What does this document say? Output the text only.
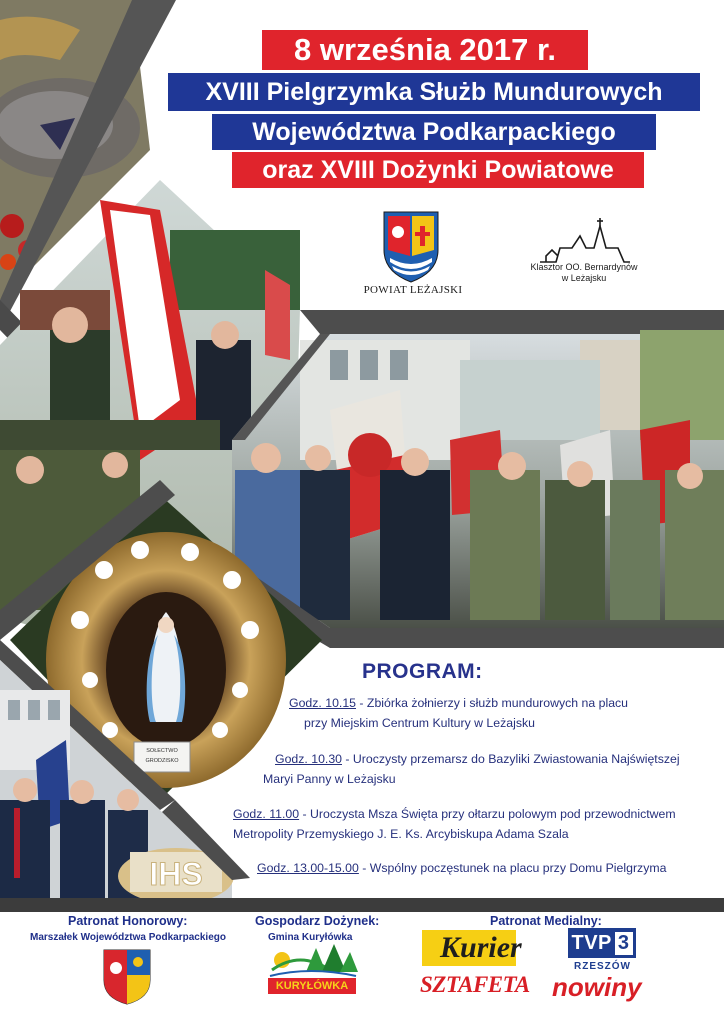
SOŁECTWO
GRODZISKO
IHS
8 września 2017 r.
XVIII Pielgrzymka Służb Mundurowych
Województwa Podkarpackiego
oraz XVIII Dożynki Powiatowe
POWIAT LEŻAJSKI
Klasztor OO. Bernardynów
w Leżajsku
PROGRAM:
Godz. 10.15 - Zbiórka żołnierzy i służb mundurowych na placu
przy Miejskim Centrum Kultury w Leżajsku
Godz. 10.30 - Uroczysty przemarsz do Bazyliki Zwiastowania Najświętszej
Maryi Panny w Leżajsku
Godz. 11.00 - Uroczysta Msza Święta przy ołtarzu polowym pod przewodnictwem
Metropolity Przemyskiego J. E. Ks. Arcybiskupa Adama Szala
Godz. 13.00-15.00 - Wspólny poczęstunek na placu przy Domu Pielgrzyma
Patronat Honorowy:
Marszałek Województwa Podkarpackiego
Gospodarz Dożynek:
Gmina Kuryłówka
KURYŁÓWKA
Patronat Medialny:
Kurier
SZTAFETA
TVP 3
RZESZÓW
nowiny
